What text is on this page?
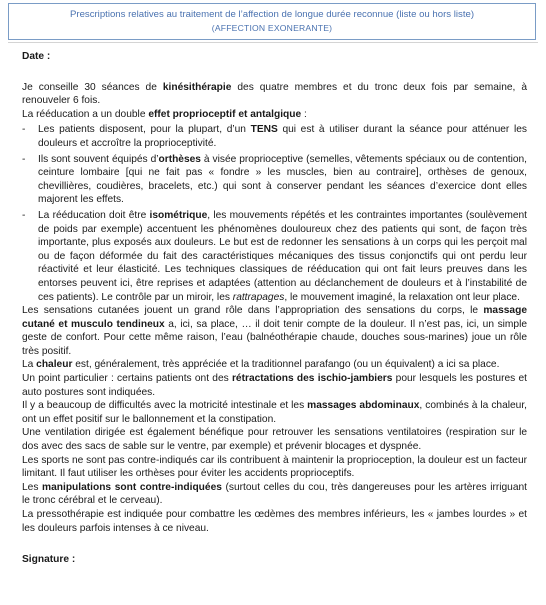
Prescriptions relatives au traitement de l’affection de longue durée reconnue (liste ou hors liste)
(AFFECTION EXONERANTE)

Date :

Je conseille 30 séances de kinésithérapie des quatre membres et du tronc deux fois par semaine, à renouveler 6 fois.

La rééducation a un double effet proprioceptif et antalgique :

- Les patients disposent, pour la plupart, d’un TENS qui est à utiliser durant la séance pour atténuer les douleurs et accroître la proprioceptivité.
- Ils sont souvent équipés d’orthèses à visée proprioceptive (semelles, vêtements spéciaux ou de contention, ceinture lombaire [qui ne fait pas « fondre » les muscles, bien au contraire], orthèses de genoux, chevillières, coudières, bracelets, etc.) qui sont à conserver pendant les séances d’exercice dont elles majorent les effets.
- La rééducation doit être isométrique, les mouvements répétés et les contraintes importantes (soulèvement de poids par exemple) accentuent les phénomènes douloureux chez des patients qui sont, de façon très importante, plus exposés aux douleurs. Le but est de redonner les sensations à un corps qui les perçoit mal ou de façon déformée du fait des caractéristiques mécaniques des tissus conjonctifs qui ont perdu leur réactivité et leur élasticité. Les techniques classiques de rééducation qui ont fait leurs preuves dans les entorses peuvent ici, être reprises et adaptées (attention au déclanchement de douleurs et à l’instabilité de ces patients). Le contrôle par un miroir, les rattrapages, le mouvement imaginé, la relaxation ont leur place.

Les sensations cutanées jouent un grand rôle dans l’appropriation des sensations du corps, le massage cutané et musculo tendineux a, ici, sa place, … il doit tenir compte de la douleur. Il n’est pas, ici, un simple geste de confort. Pour cette même raison, l’eau (balnéothérapie chaude, douches sous-marines) joue un rôle très positif.

La chaleur est, généralement, très appréciée et la traditionnel parafango (ou un équivalent) a ici sa place.

Un point particulier : certains patients ont des rétractations des ischio-jambiers pour lesquels les postures et auto postures sont indiquées.

Il y a beaucoup de difficultés avec la motricité intestinale et les massages abdominaux, combinés à la chaleur, ont un effet positif sur le ballonnement et la constipation.

Une ventilation dirigée est également bénéfique pour retrouver les sensations ventilatoires (respiration sur le dos avec des sacs de sable sur le ventre, par exemple) et prévenir blocages et dyspnée.

Les sports ne sont pas contre-indiqués car ils contribuent à maintenir la proprioception, la douleur est un facteur limitant. Il faut utiliser les orthèses pour éviter les accidents proprioceptifs.

Les manipulations sont contre-indiquées (surtout celles du cou, très dangereuses pour les artères irriguant le tronc cérébral et le cerveau).

La pressothérapie est indiquée pour combattre les œdèmes des membres inférieurs, les « jambes lourdes » et les douleurs parfois intenses à ce niveau.

Signature :
